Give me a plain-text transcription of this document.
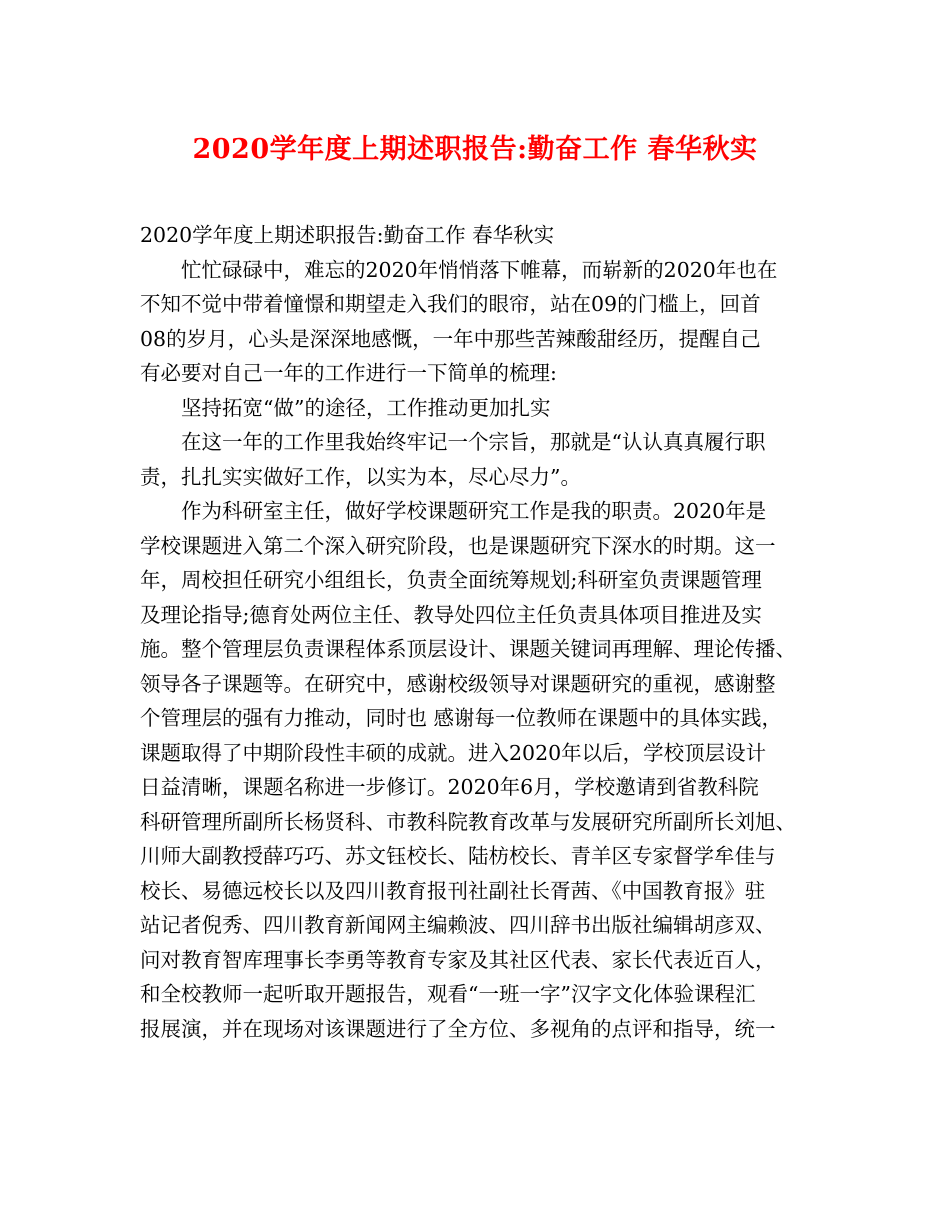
2020学年度上期述职报告:勤奋工作 春华秋实
2020学年度上期述职报告:勤奋工作 春华秋实
忙忙碌碌中，难忘的2020年悄悄落下帷幕，而崭新的2020年也在
不知不觉中带着憧憬和期望走入我们的眼帘，站在09的门槛上，回首
08的岁月，心头是深深地感慨，一年中那些苦辣酸甜经历，提醒自己
有必要对自己一年的工作进行一下简单的梳理:
坚持拓宽“做”的途径，工作推动更加扎实
在这一年的工作里我始终牢记一个宗旨，那就是“认认真真履行职
责，扎扎实实做好工作，以实为本，尽心尽力”。
作为科研室主任，做好学校课题研究工作是我的职责。2020年是
学校课题进入第二个深入研究阶段，也是课题研究下深水的时期。这一
年，周校担任研究小组组长，负责全面统筹规划;科研室负责课题管理
及理论指导;德育处两位主任、教导处四位主任负责具体项目推进及实
施。整个管理层负责课程体系顶层设计、课题关键词再理解、理论传播、
领导各子课题等。在研究中，感谢校级领导对课题研究的重视，感谢整
个管理层的强有力推动，同时也 感谢每一位教师在课题中的具体实践，
课题取得了中期阶段性丰硕的成就。进入2020年以后，学校顶层设计
日益清晰，课题名称进一步修订。2020年6月，学校邀请到省教科院
科研管理所副所长杨贤科、市教科院教育改革与发展研究所副所长刘旭、
川师大副教授薛巧巧、苏文钰校长、陆枋校长、青羊区专家督学牟佳与
校长、易德远校长以及四川教育报刊社副社长胥茜、《中国教育报》驻
站记者倪秀、四川教育新闻网主编赖波、四川辞书出版社编辑胡彦双、
问对教育智库理事长李勇等教育专家及其社区代表、家长代表近百人，
和全校教师一起听取开题报告，观看“一班一字”汉字文化体验课程汇
报展演，并在现场对该课题进行了全方位、多视角的点评和指导，统一
